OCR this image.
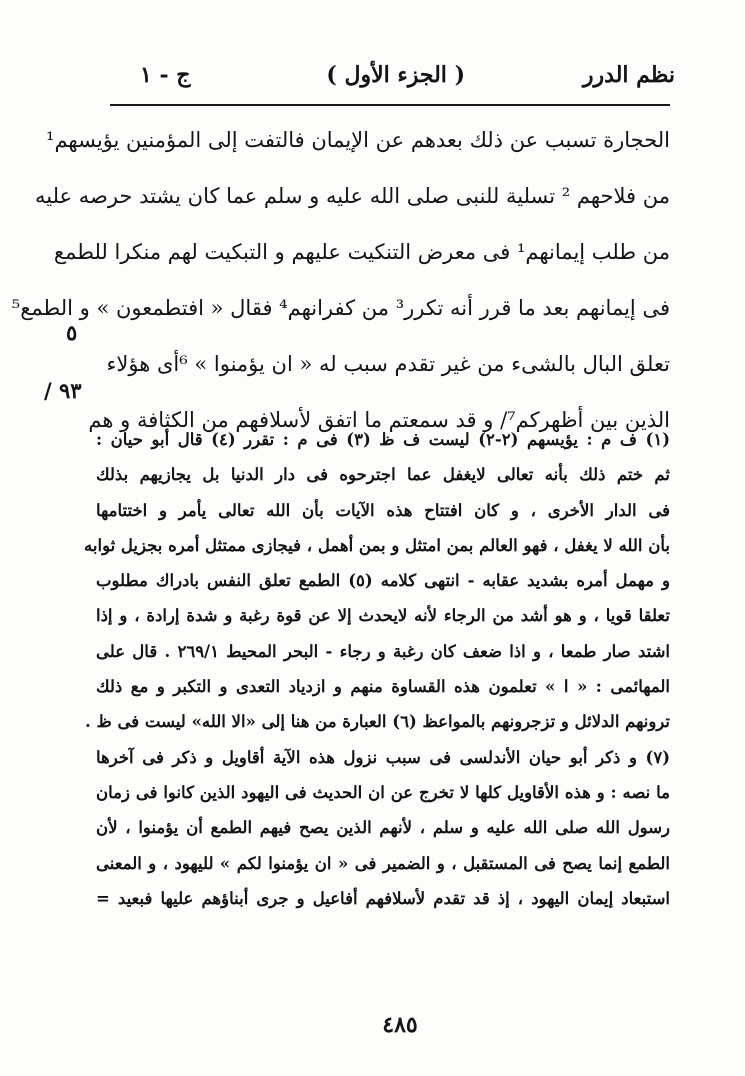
نظم الدرر
( الجزء الأول )
ج - ١
الحجارة تسبب عن ذلك بعدهم عن الإيمان فالتفت إلى المؤمنين يؤيسهم¹
من فلاحهم ² تسلية للنبى صلى الله عليه و سلم عما كان يشتد حرصه عليه
من طلب إيمانهم¹ فى معرض التنكيت عليهم و التبكيت لهم منكرا للطمع
فى إيمانهم بعد ما قرر أنه تكرر³ من كفرانهم⁴ فقال « افتطمعون » و الطمع⁵
تعلق البال بالشىء من غير تقدم سبب له « ان يؤمنوا » ⁶أى هؤلاء
الذين بين أظهركم⁷/ و قد سمعتم ما اتفق لأسلافهم من الكثافة و هم
٥
٩٣ /
(١) ف م : يؤيسهم (٢-٢) ليست ف ظ (٣) فى م : تقرر (٤) قال أبو حيان :
ثم ختم ذلك بأنه تعالى لايغفل عما اجترحوه فى دار الدنيا بل يجازيهم بذلك
فى الدار الأخرى ، و كان افتتاح هذه الآيات بأن الله تعالى يأمر و اختتامها
بأن الله لا يغفل ، فهو العالم بمن امتثل و بمن أهمل ، فيجازى ممتثل أمره بجزيل ثوابه
و مهمل أمره بشديد عقابه - انتهى كلامه (٥) الطمع تعلق النفس بادراك مطلوب
تعلقا قويا ، و هو أشد من الرجاء لأنه لايحدث إلا عن قوة رغبة و شدة إرادة ، و إذا
اشتد صار طمعا ، و اذا ضعف كان رغبة و رجاء - البحر المحيط ٢٦٩/١ . قال على
المهائمى : « ا » تعلمون هذه القساوة منهم و ازدياد التعدى و التكبر و مع ذلك
ترونهم الدلائل و تزجرونهم بالمواعظ (٦) العبارة من هنا إلى «الا الله» ليست فى ظ .
(٧) و ذكر أبو حيان الأندلسى فى سبب نزول هذه الآية أقاويل و ذكر فى آخرها
ما نصه : و هذه الأقاويل كلها لا تخرج عن ان الحديث فى اليهود الذين كانوا فى زمان
رسول الله صلى الله عليه و سلم ، لأنهم الذين يصح فيهم الطمع أن يؤمنوا ، لأن
الطمع إنما يصح فى المستقبل ، و الضمير فى « ان يؤمنوا لكم » لليهود ، و المعنى
استبعاد إيمان اليهود ، إذ قد تقدم لأسلافهم أفاعيل و جرى أبناؤهم عليها فبعيد =
٤٨٥
